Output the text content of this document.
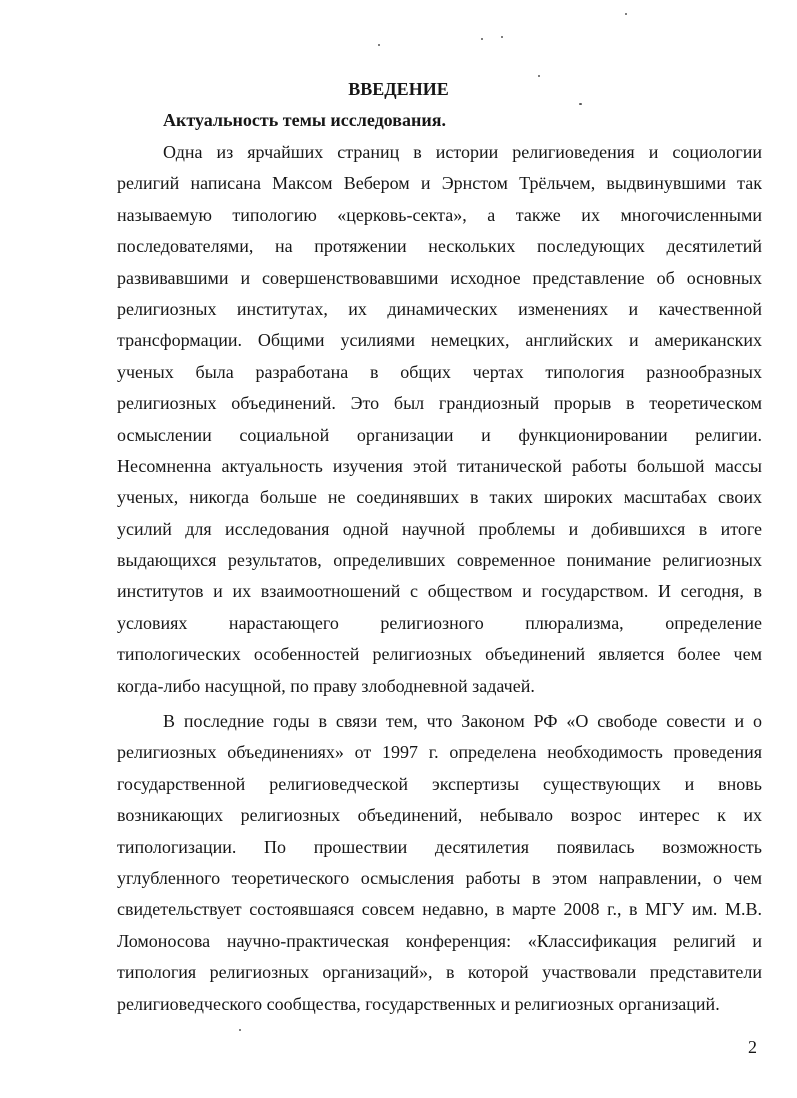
ВВЕДЕНИЕ
Актуальность темы исследования.
Одна из ярчайших страниц в истории религиоведения и социологии
религий написана Максом Вебером и Эрнстом Трёльчем, выдвинувшими так
называемую типологию «церковь-секта», а также их многочисленными
последователями, на протяжении нескольких последующих десятилетий
развивавшими и совершенствовавшими исходное представление об основных
религиозных институтах, их динамических изменениях и качественной
трансформации. Общими усилиями немецких, английских и американских
ученых была разработана в общих чертах типология разнообразных
религиозных объединений. Это был грандиозный прорыв в теоретическом
осмыслении социальной организации и функционировании религии.
Несомненна актуальность изучения этой титанической работы большой массы
ученых, никогда больше не соединявших в таких широких масштабах своих
усилий для исследования одной научной проблемы и добившихся в итоге
выдающихся результатов, определивших современное понимание религиозных
институтов и их взаимоотношений с обществом и государством. И сегодня, в
условиях нарастающего религиозного плюрализма, определение
типологических особенностей религиозных объединений является более чем
когда-либо насущной, по праву злободневной задачей.
В последние годы в связи тем, что Законом РФ «О свободе совести и о
религиозных объединениях» от 1997 г. определена необходимость проведения
государственной религиоведческой экспертизы существующих и вновь
возникающих религиозных объединений, небывало возрос интерес к их
типологизации. По прошествии десятилетия появилась возможность
углубленного теоретического осмысления работы в этом направлении, о чем
свидетельствует состоявшаяся совсем недавно, в марте 2008 г., в МГУ им. М.В.
Ломоносова научно-практическая конференция: «Классификация религий и
типология религиозных организаций», в которой участвовали представители
религиоведческого сообщества, государственных и религиозных организаций.
2
